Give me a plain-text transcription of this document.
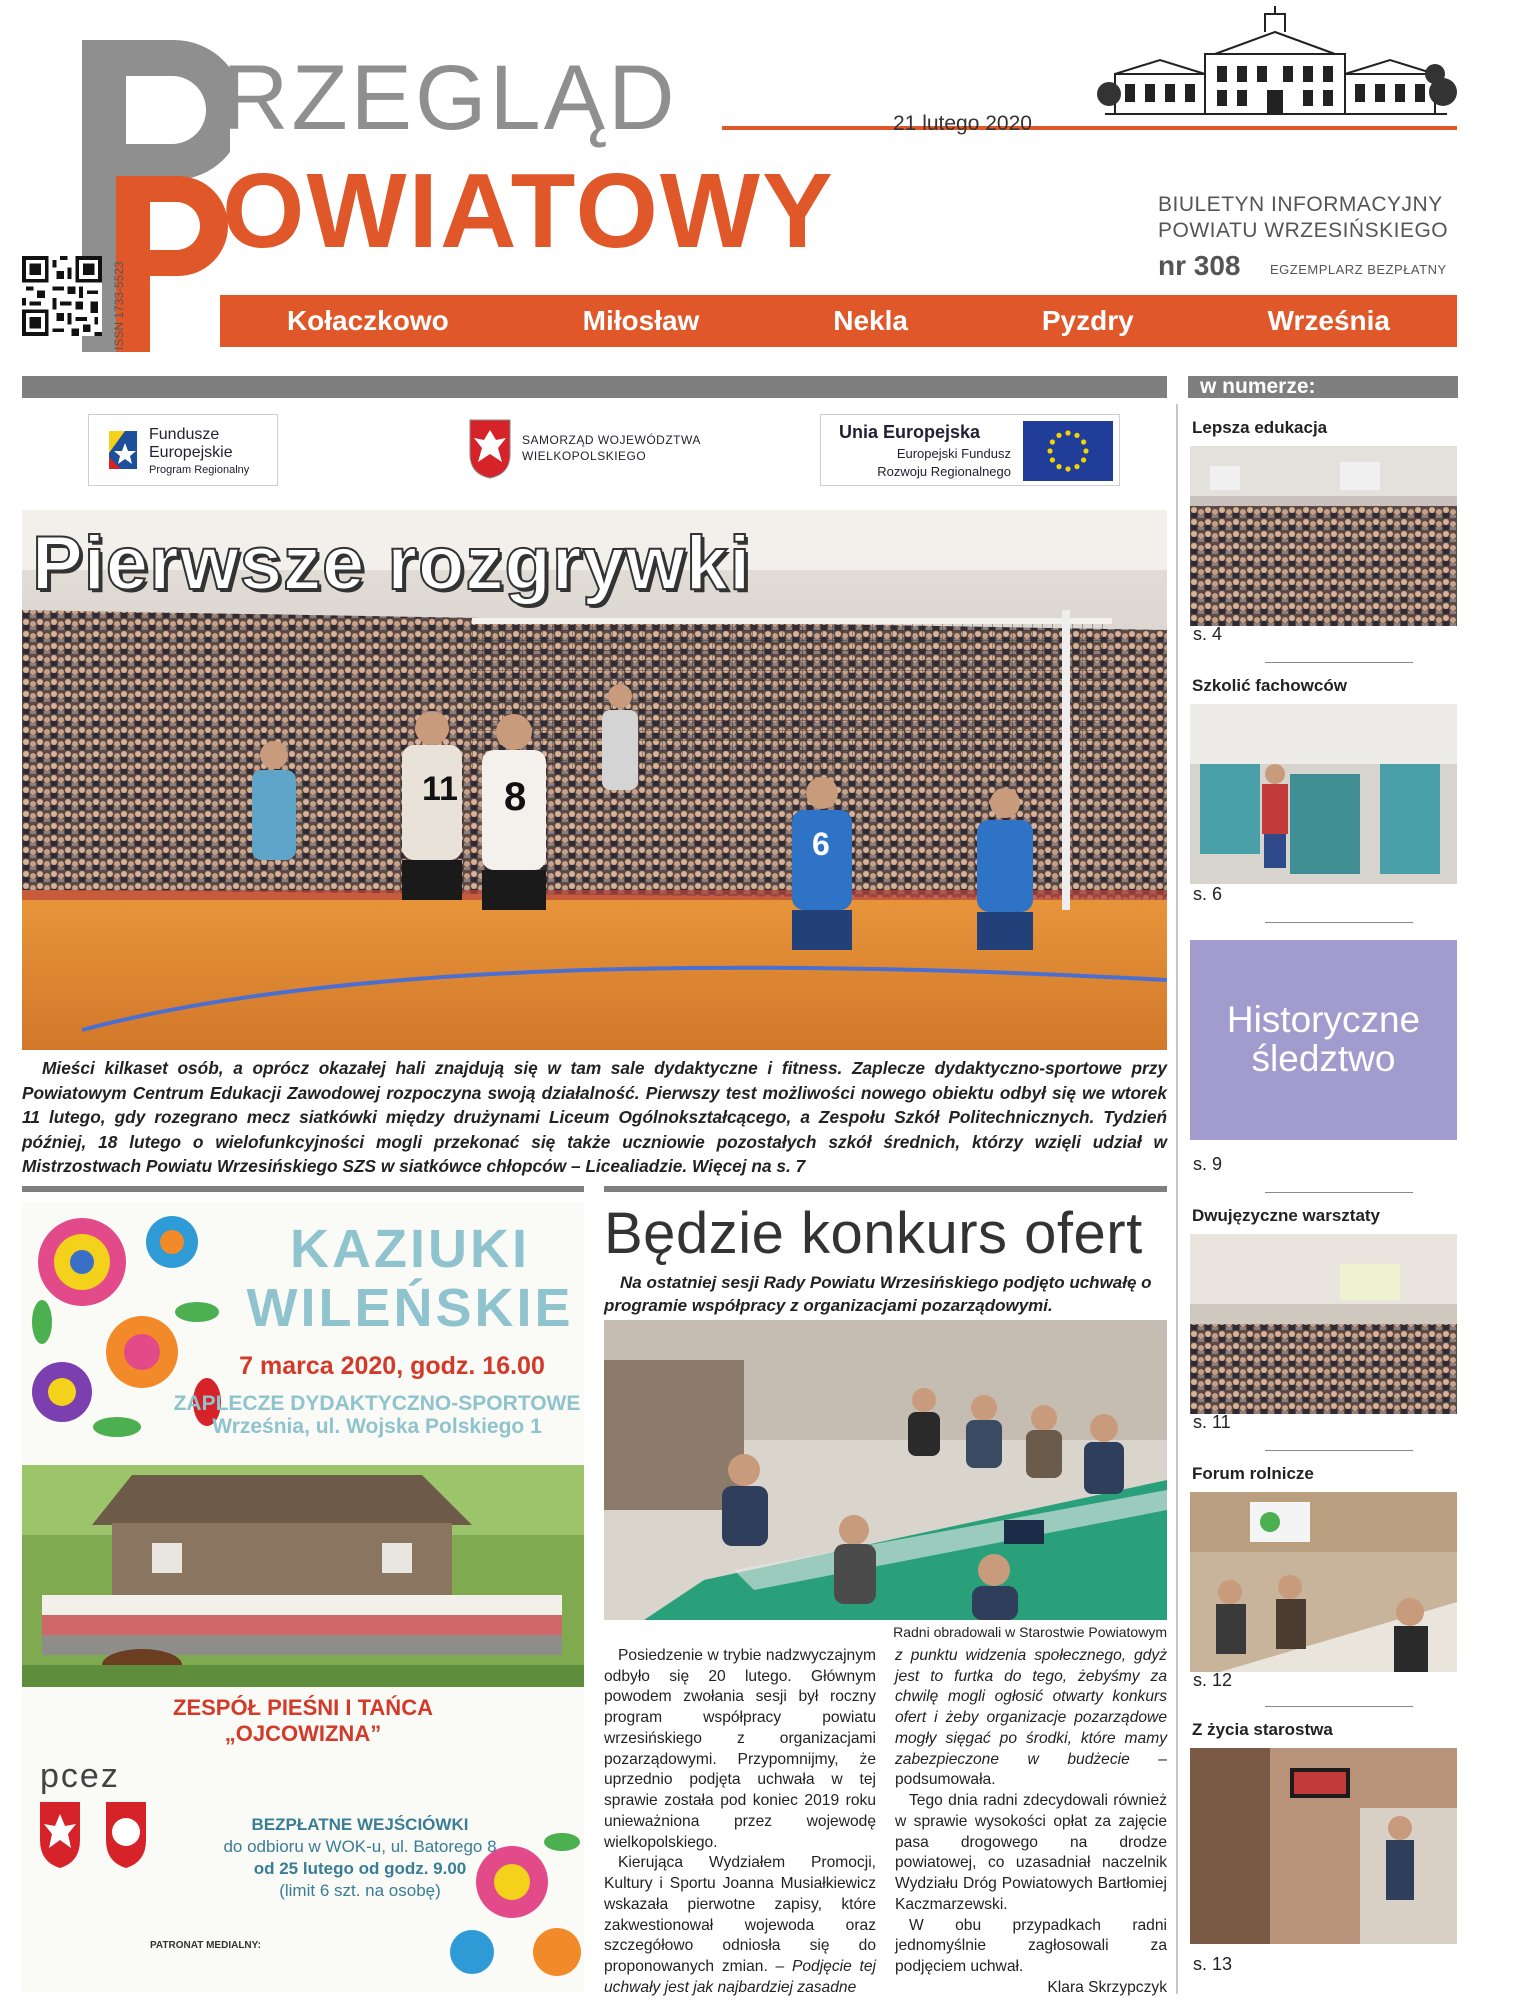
RZEGLĄD	21 lutego 2020
OWIATOWY	BIULETYN INFORMACYJNY
POWIATU WRZESIŃSKIEGO
nr 308 EGZEMPLARZ BEZPŁATNY
ISSN 1733-5523	Kołaczkowo	Miłosław	Nekla	Pyzdry	Września
w numerze:
Fundusze
Europejskie
Program Regionalny
SAMORZĄD WOJEWÓDZTWA
WIELKOPOLSKIEGO
Unia Europejska
Europejski Fundusz
Rozwoju Regionalnego
11 8
6
Pierwsze rozgrywki
Mieści kilkaset osób, a oprócz okazałej hali znajdują się w tam sale dydaktyczne i fitness. Zaplecze dydaktyczno-sportowe przy Powiatowym Centrum Edukacji Zawodowej rozpoczyna swoją działalność. Pierwszy test możliwości nowego obiektu odbył się we wtorek 11 lutego, gdy rozegrano mecz siatkówki między drużynami Liceum Ogólnokształcącego, a Zespołu Szkół Politechnicznych. Tydzień później, 18 lutego o wielofunkcyjności mogli przekonać się także uczniowie pozostałych szkół średnich, którzy wzięli udział w Mistrzostwach Powiatu Wrzesińskiego SZS w siatkówce chłopców – Licealiadzie. Więcej na s. 7
KAZIUKI
WILEŃSKIE
7 marca 2020, godz. 16.00
ZAPLECZE DYDAKTYCZNO-SPORTOWE
Września, ul. Wojska Polskiego 1
ZESPÓŁ PIEŚNI I TAŃCA
„OJCOWIZNA”
pcez
BEZPŁATNE WEJŚCIÓWKI
do odbioru w WOK-u, ul. Batorego 8
od 25 lutego od godz. 9.00
(limit 6 szt. na osobę)
PATRONAT MEDIALNY:
Będzie konkurs ofert
Na ostatniej sesji Rady Powiatu Wrzesińskiego podjęto uchwałę o programie współpracy z organizacjami pozarządowymi.
Radni obradowali w Starostwie Powiatowym

Posiedzenie w trybie nadzwyczajnym odbyło się 20 lutego. Głównym powodem zwołania sesji był roczny program współpracy powiatu wrzesińskiego z organizacjami pozarządowymi. Przypomnijmy, że uprzednio podjęta uchwała w tej sprawie została pod koniec 2019 roku unieważniona przez wojewodę wielkopolskiego.

Kierująca Wydziałem Promocji, Kultury i Sportu Joanna Musiałkiewicz wskazała pierwotne zapisy, które zakwestionował wojewoda oraz szczegółowo odniosła się do proponowanych zmian. – Podjęcie tej uchwały jest jak najbardziej zasadne

z punktu widzenia społecznego, gdyż jest to furtka do tego, żebyśmy za chwilę mogli ogłosić otwarty konkurs ofert i żeby organizacje pozarządowe mogły sięgać po środki, które mamy zabezpieczone w budżecie – podsumowała.

Tego dnia radni zdecydowali również w sprawie wysokości opłat za zajęcie pasa drogowego na drodze powiatowej, co uzasadniał naczelnik Wydziału Dróg Powiatowych Bartłomiej Kaczmarzewski.

W obu przypadkach radni jednomyślnie zagłosowali za podjęciem uchwał.

Klara Skrzypczyk

Lepsza edukacja
s. 4
Szkolić fachowców
s. 6
Historyczne
śledztwo
s. 9
Dwujęzyczne warsztaty
s. 11
Forum rolnicze
s. 12
Z życia starostwa
s. 13
